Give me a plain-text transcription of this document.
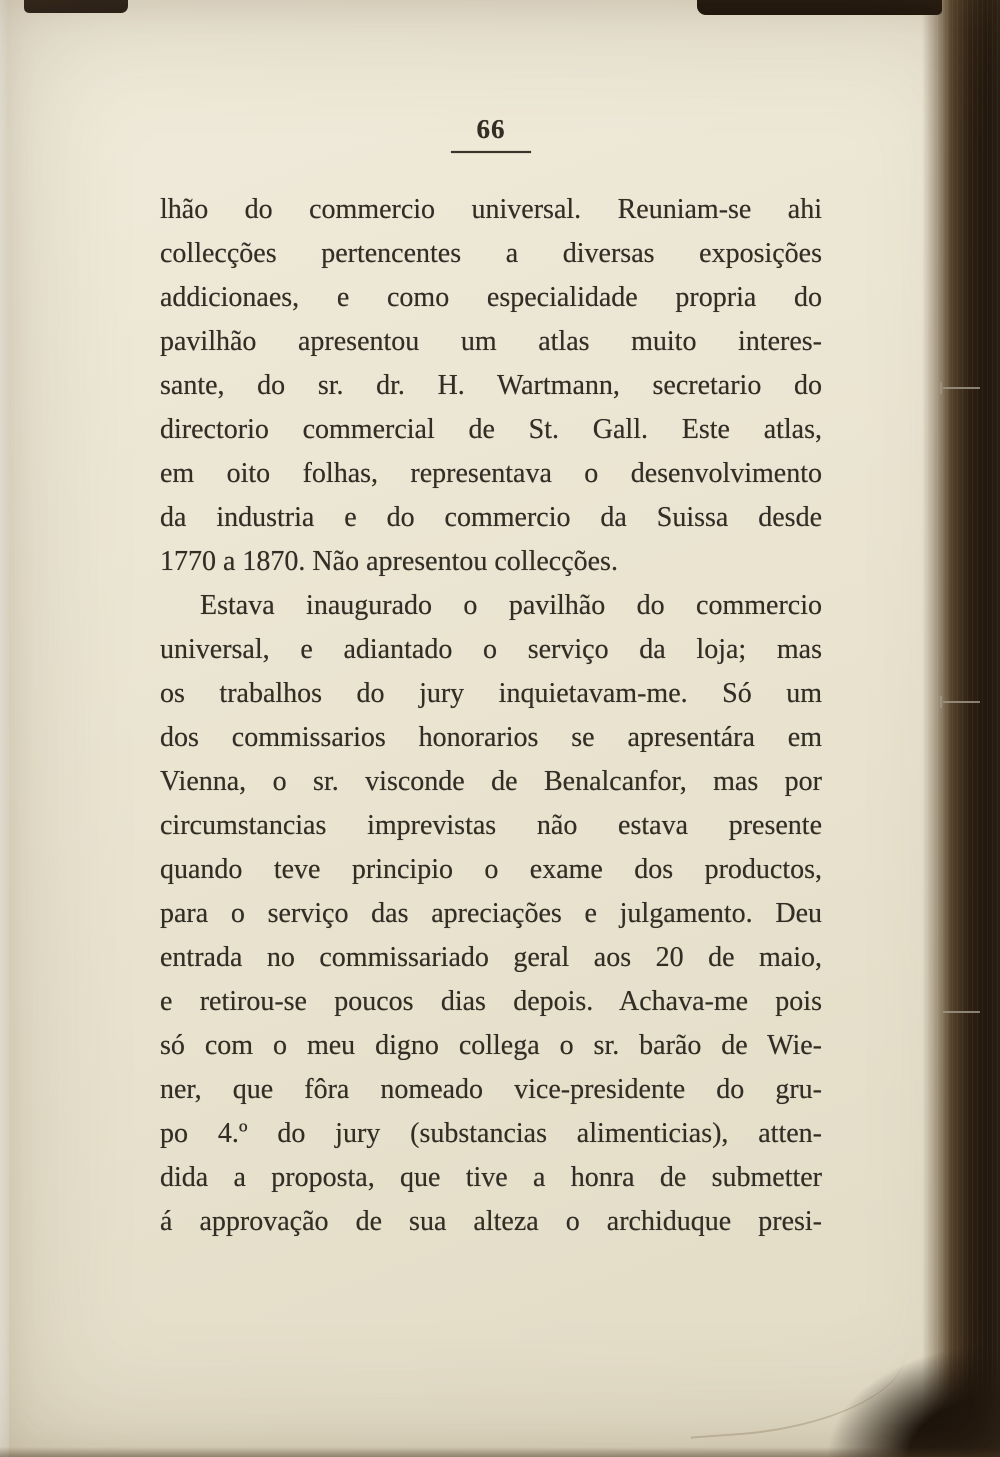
66
lhão do commercio universal. Reuniam-se ahi
collecções pertencentes a diversas exposições
addicionaes, e como especialidade propria do
pavilhão apresentou um atlas muito interes-
sante, do sr. dr. H. Wartmann, secretario do
directorio commercial de St. Gall. Este atlas,
em oito folhas, representava o desenvolvimento
da industria e do commercio da Suissa desde
1770 a 1870. Não apresentou collecções.
Estava inaugurado o pavilhão do commercio
universal, e adiantado o serviço da loja; mas
os trabalhos do jury inquietavam-me. Só um
dos commissarios honorarios se apresentára em
Vienna, o sr. visconde de Benalcanfor, mas por
circumstancias imprevistas não estava presente
quando teve principio o exame dos productos,
para o serviço das apreciações e julgamento. Deu
entrada no commissariado geral aos 20 de maio,
e retirou-se poucos dias depois. Achava-me pois
só com o meu digno collega o sr. barão de Wie-
ner, que fôra nomeado vice-presidente do gru-
po 4.º do jury (substancias alimenticias), atten-
dida a proposta, que tive a honra de submetter
á approvação de sua alteza o archiduque presi-
